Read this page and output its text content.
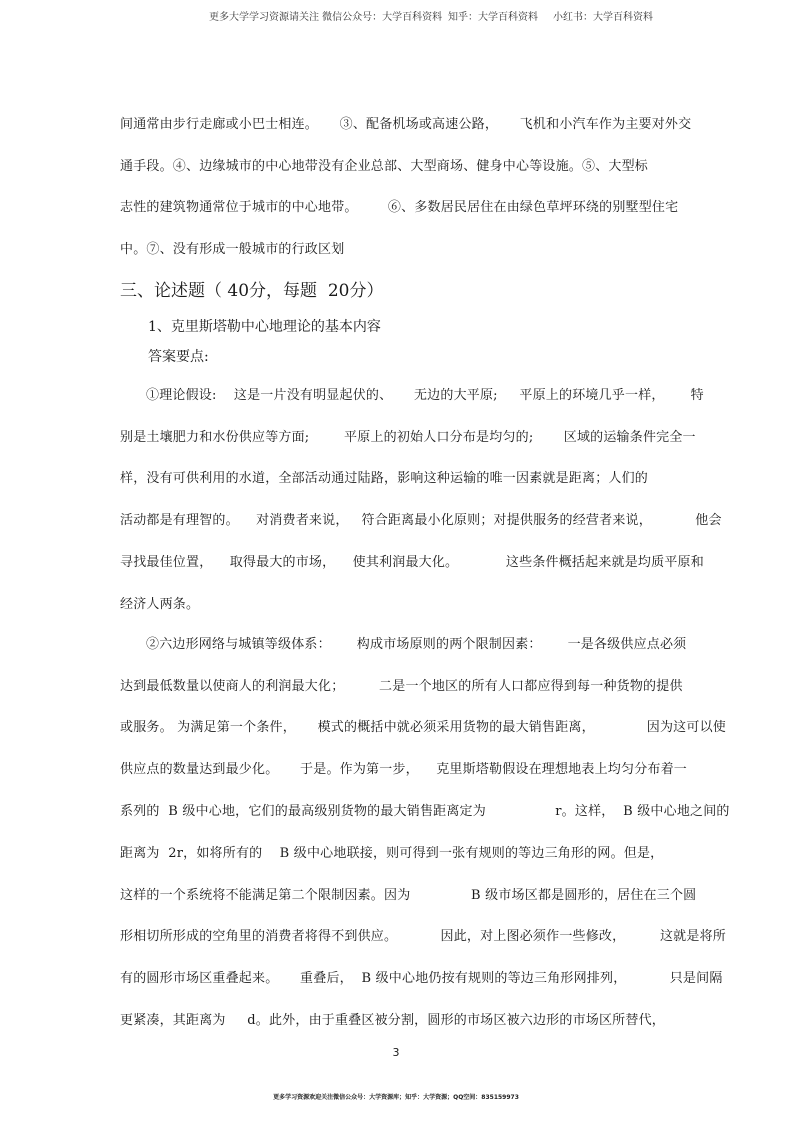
更多大学学习资源请关注 微信公众号：大学百科资料 知乎：大学百科资料 小红书：大学百科资料
间通常由步行走廊或小巴士相连。     ③、配备机场或高速公路，     飞机和小汽车作为主要对外交
通手段。④、边缘城市的中心地带没有企业总部、大型商场、健身中心等设施。⑤、大型标
志性的建筑物通常位于城市的中心地带。       ⑥、多数居民居住在由绿色草坪环绕的别墅型住宅
中。⑦、没有形成一般城市的行政区划
三、论述题（ 40分，每题  20分）
1、克里斯塔勒中心地理论的基本内容
答案要点:
①理论假设:    这是一片没有明显起伏的、     无边的大平原;     平原上的环境几乎一样，      特
别是土壤肥力和水份供应等方面;        平原上的初始人口分布是均匀的;       区域的运输条件完全一
样，没有可供利用的水道，全部活动通过陆路，影响这种运输的唯一因素就是距离；人们的
活动都是有理智的。    对消费者来说，   符合距离最小化原则；对提供服务的经营者来说，          他会
寻找最佳位置，    取得最大的市场，    使其利润最大化。           这些条件概括起来就是均质平原和
经济人两条。
②六边形网络与城镇等级体系：      构成市场原则的两个限制因素：      一是各级供应点必须
达到最低数量以使商人的利润最大化；        二是一个地区的所有人口都应得到每一种货物的提供
或服务。 为满足第一个条件，     模式的概括中就必须采用货物的最大销售距离，            因为这可以使
供应点的数量达到最少化。     于是。作为第一步，    克里斯塔勒假设在理想地表上均匀分布着一
系列的  B 级中心地，它们的最高级别货物的最大销售距离定为                r。这样，  B 级中心地之间的
距离为  2r，如将所有的    B 级中心地联接，则可得到一张有规则的等边三角形的网。但是，
这样的一个系统将不能满足第二个限制因素。因为              B 级市场区都是圆形的，居住在三个圆
形相切所形成的空角里的消费者将得不到供应。          因此，对上图必须作一些修改，        这就是将所
有的圆形市场区重叠起来。     重叠后，  B 级中心地仍按有规则的等边三角形网排列，          只是间隔
更紧凑，其距离为     d。此外，由于重叠区被分割，圆形的市场区被六边形的市场区所替代，
3
更多学习资源欢迎关注微信公众号：大学资源库；知乎：大学资源；QQ空间：835159973
